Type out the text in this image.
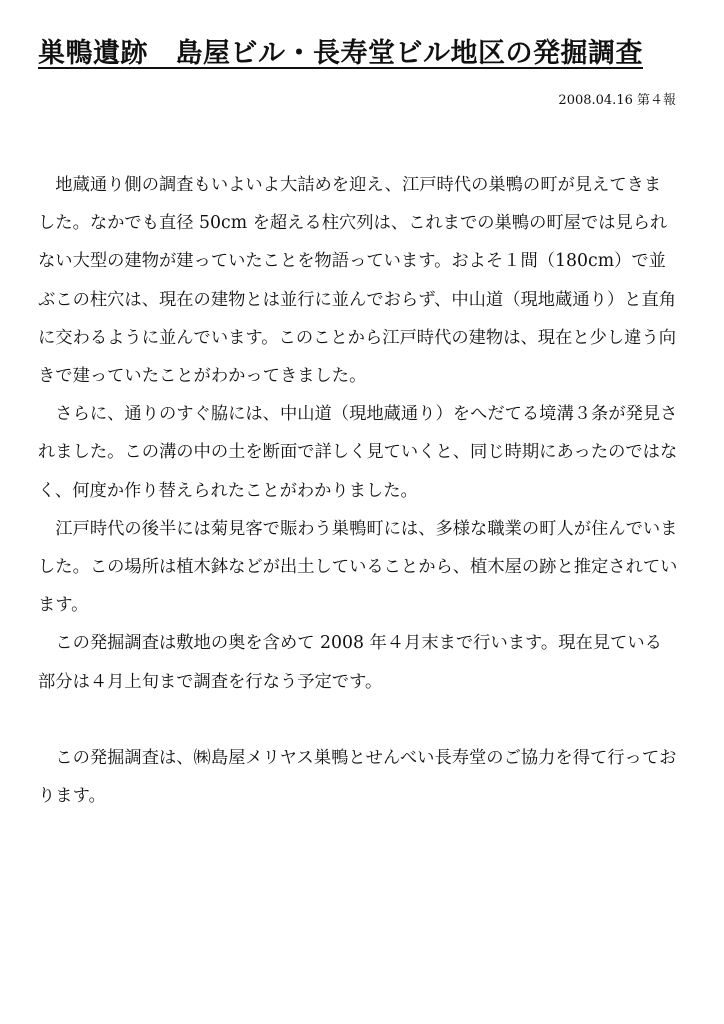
巣鴨遺跡　島屋ビル・長寿堂ビル地区の発掘調査
2008.04.16 第４報

地蔵通り側の調査もいよいよ大詰めを迎え、江戸時代の巣鴨の町が見えてきました。なかでも直径 50cm を超える柱穴列は、これまでの巣鴨の町屋では見られない大型の建物が建っていたことを物語っています。およそ１間（180cm）で並ぶこの柱穴は、現在の建物とは並行に並んでおらず、中山道（現地蔵通り）と直角に交わるように並んでいます。このことから江戸時代の建物は、現在と少し違う向きで建っていたことがわかってきました。

さらに、通りのすぐ脇には、中山道（現地蔵通り）をへだてる境溝３条が発見されました。この溝の中の土を断面で詳しく見ていくと、同じ時期にあったのではなく、何度か作り替えられたことがわかりました。

江戸時代の後半には菊見客で賑わう巣鴨町には、多様な職業の町人が住んでいました。この場所は植木鉢などが出土していることから、植木屋の跡と推定されています。

この発掘調査は敷地の奥を含めて 2008 年４月末まで行います。現在見ている部分は４月上旬まで調査を行なう予定です。

この発掘調査は、㈱島屋メリヤス巣鴨とせんべい長寿堂のご協力を得て行っております。
